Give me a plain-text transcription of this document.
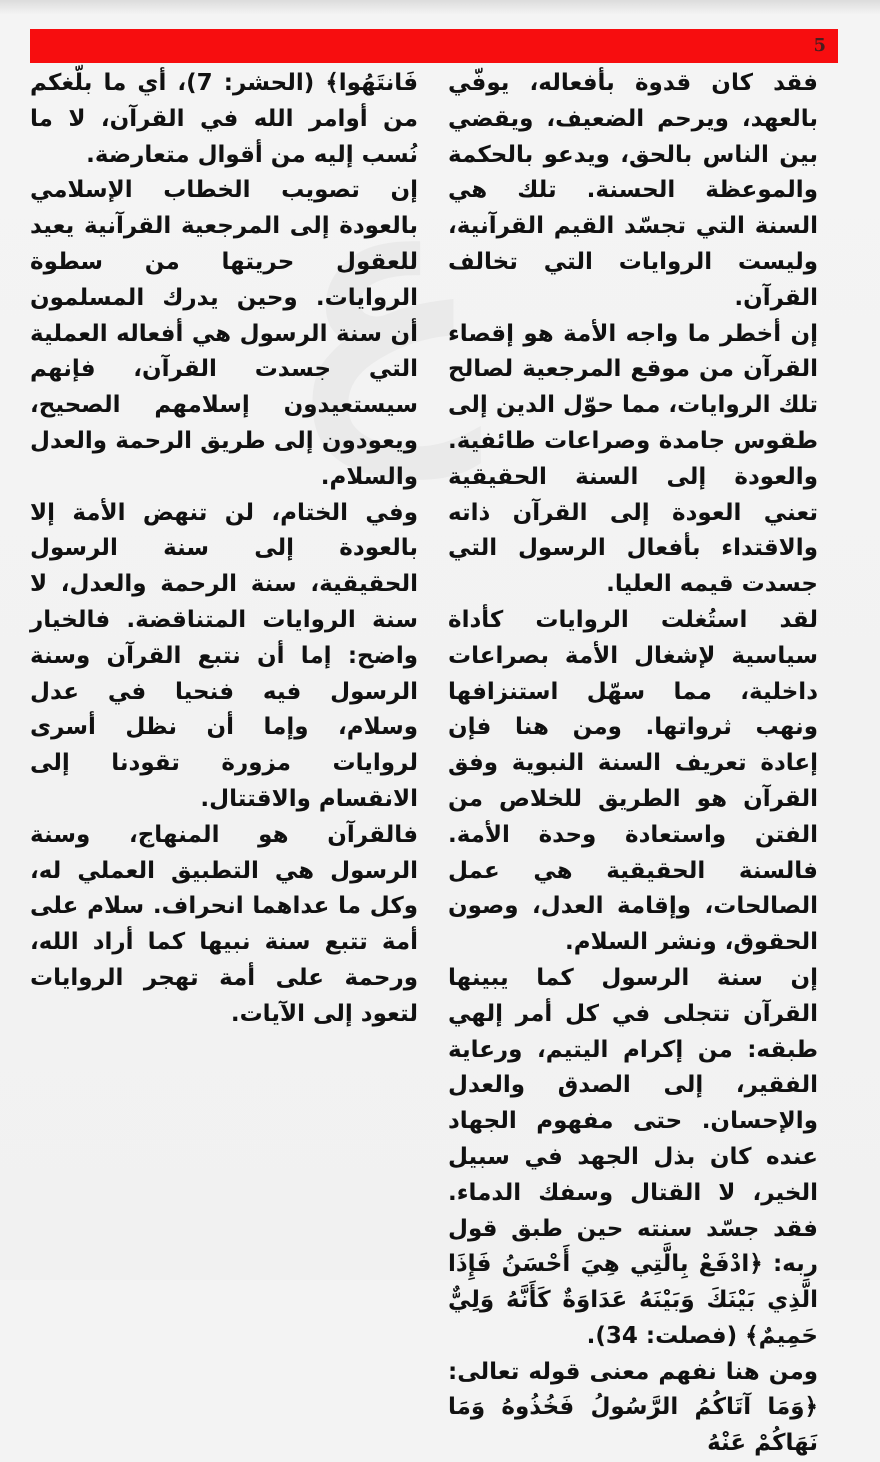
5

فقد كان قدوة بأفعاله، يوفّي بالعهد، ويرحم الضعيف، ويقضي بين الناس بالحق، ويدعو بالحكمة والموعظة الحسنة. تلك هي السنة التي تجسّد القيم القرآنية، وليست الروايات التي تخالف القرآن.

إن أخطر ما واجه الأمة هو إقصاء القرآن من موقع المرجعية لصالح تلك الروايات، مما حوّل الدين إلى طقوس جامدة وصراعات طائفية. والعودة إلى السنة الحقيقية تعني العودة إلى القرآن ذاته والاقتداء بأفعال الرسول التي جسدت قيمه العليا.

لقد استُغلت الروايات كأداة سياسية لإشغال الأمة بصراعات داخلية، مما سهّل استنزافها ونهب ثرواتها. ومن هنا فإن إعادة تعريف السنة النبوية وفق القرآن هو الطريق للخلاص من الفتن واستعادة وحدة الأمة. فالسنة الحقيقية هي عمل الصالحات، وإقامة العدل، وصون الحقوق، ونشر السلام.

إن سنة الرسول كما يبينها القرآن تتجلى في كل أمر إلهي طبقه: من إكرام اليتيم، ورعاية الفقير، إلى الصدق والعدل والإحسان. حتى مفهوم الجهاد عنده كان بذل الجهد في سبيل الخير، لا القتال وسفك الدماء. فقد جسّد سنته حين طبق قول ربه: ﴿ادْفَعْ بِالَّتِي هِيَ أَحْسَنُ فَإِذَا الَّذِي بَيْنَكَ وَبَيْنَهُ عَدَاوَةٌ كَأَنَّهُ وَلِيٌّ حَمِيمٌ﴾ (فصلت: 34).

ومن هنا نفهم معنى قوله تعالى: ﴿وَمَا آتَاكُمُ الرَّسُولُ فَخُذُوهُ وَمَا نَهَاكُمْ عَنْهُ

فَانتَهُوا﴾ (الحشر: 7)، أي ما بلّغكم من أوامر الله في القرآن، لا ما نُسب إليه من أقوال متعارضة.

إن تصويب الخطاب الإسلامي بالعودة إلى المرجعية القرآنية يعيد للعقول حريتها من سطوة الروايات. وحين يدرك المسلمون أن سنة الرسول هي أفعاله العملية التي جسدت القرآن، فإنهم سيستعيدون إسلامهم الصحيح، ويعودون إلى طريق الرحمة والعدل والسلام.

وفي الختام، لن تنهض الأمة إلا بالعودة إلى سنة الرسول الحقيقية، سنة الرحمة والعدل، لا سنة الروايات المتناقضة. فالخيار واضح: إما أن نتبع القرآن وسنة الرسول فيه فنحيا في عدل وسلام، وإما أن نظل أسرى لروايات مزورة تقودنا إلى الانقسام والاقتتال.

فالقرآن هو المنهاج، وسنة الرسول هي التطبيق العملي له، وكل ما عداهما انحراف. سلام على أمة تتبع سنة نبيها كما أراد الله، ورحمة على أمة تهجر الروايات لتعود إلى الآيات.
